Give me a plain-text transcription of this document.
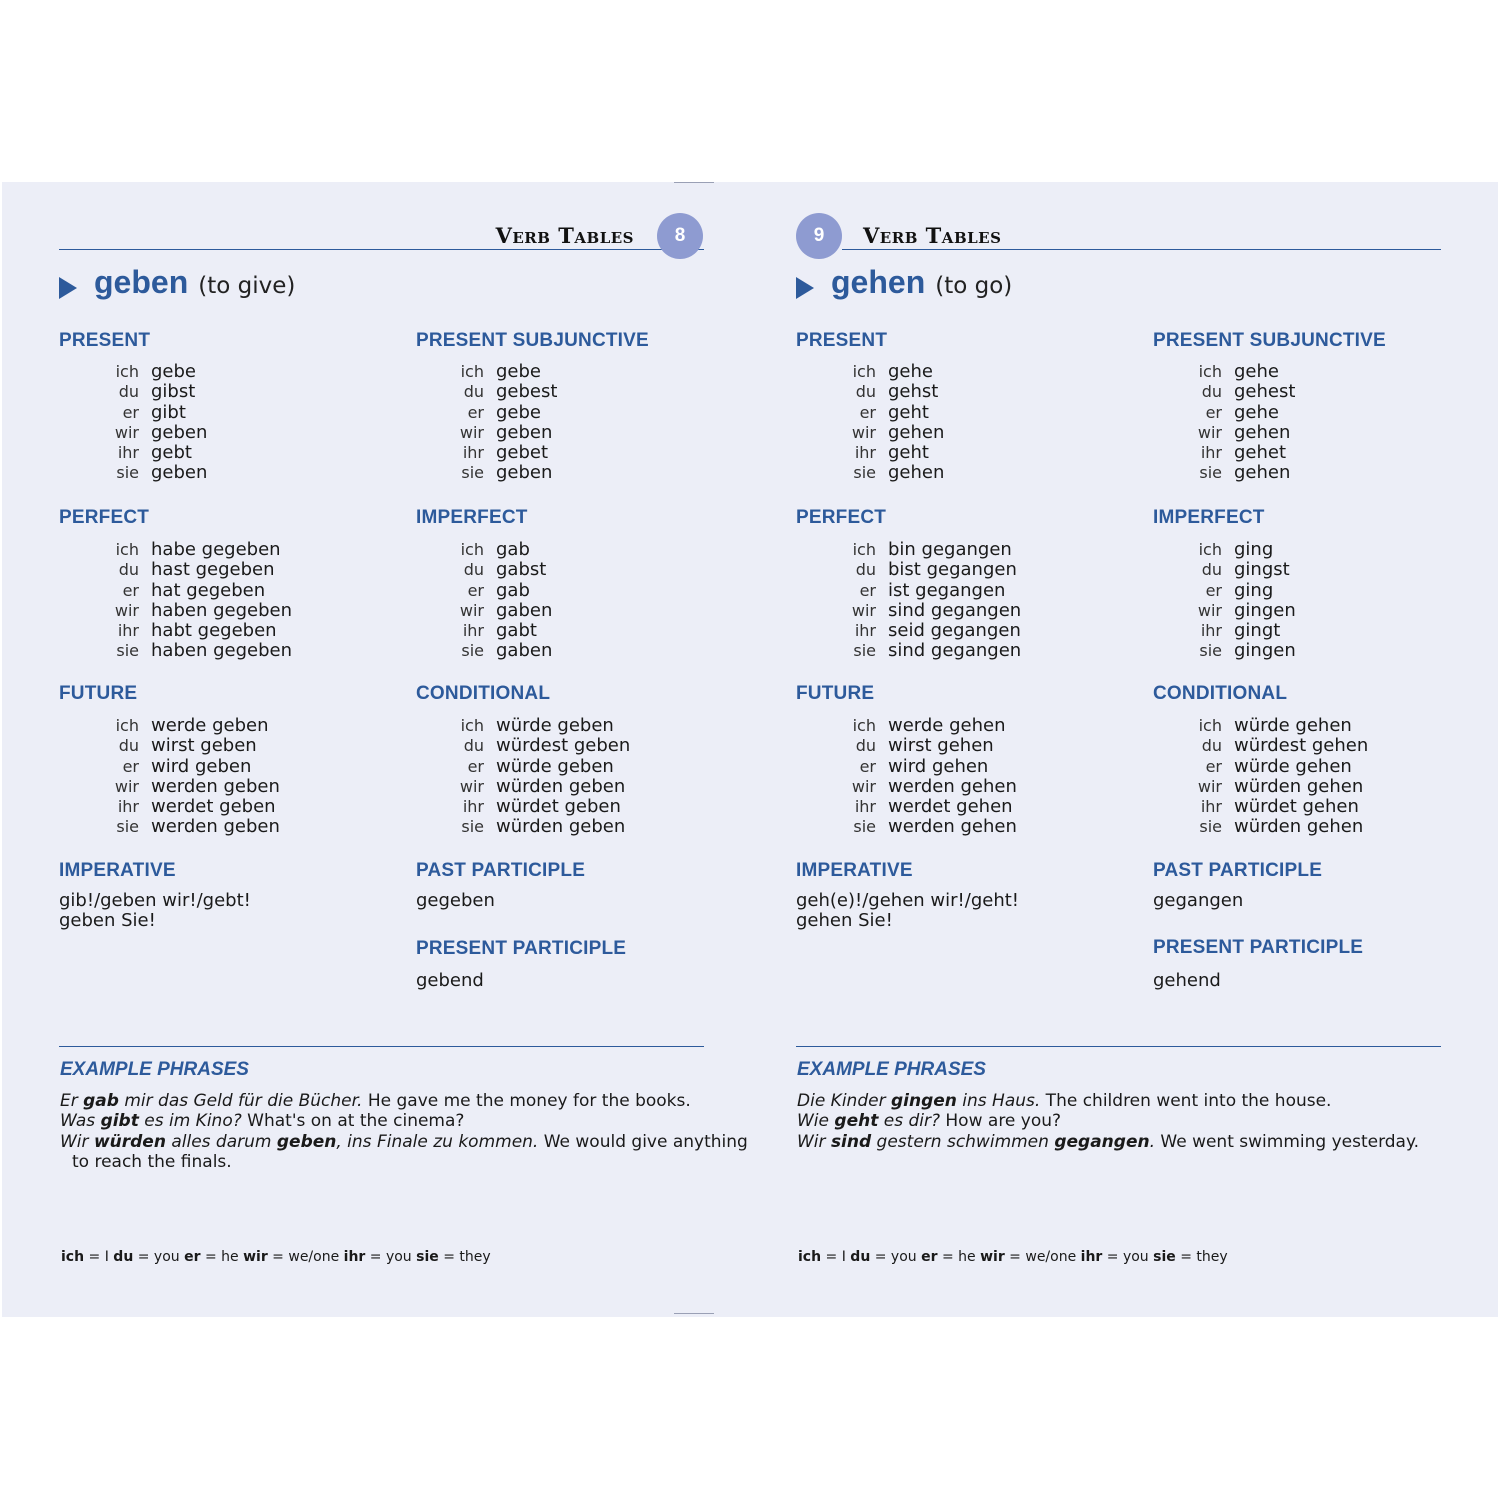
Verb Tables	8
geben (to give)
PRESENT
ich gebe
du gibst
er gibt
wir geben
ihr gebt
sie geben
PRESENT SUBJUNCTIVE
ich gebe
du gebest
er gebe
wir geben
ihr gebet
sie geben
PERFECT
ich habe gegeben
du hast gegeben
er hat gegeben
wir haben gegeben
ihr habt gegeben
sie haben gegeben
IMPERFECT
ich gab
du gabst
er gab
wir gaben
ihr gabt
sie gaben
FUTURE
ich werde geben
du wirst geben
er wird geben
wir werden geben
ihr werdet geben
sie werden geben
CONDITIONAL
ich würde geben
du würdest geben
er würde geben
wir würden geben
ihr würdet geben
sie würden geben
IMPERATIVE
gib!/geben wir!/gebt!
geben Sie!
PAST PARTICIPLE
gegeben
PRESENT PARTICIPLE
gebend
EXAMPLE PHRASES
Er gab mir das Geld für die Bücher. He gave me the money for the books.
Was gibt es im Kino? What's on at the cinema?
Wir würden alles darum geben, ins Finale zu kommen. We would give anything
to reach the finals.
ich = I du = you er = he wir = we/one ihr = you sie = they
9	Verb Tables
gehen (to go)
PRESENT
ich gehe
du gehst
er geht
wir gehen
ihr geht
sie gehen
PRESENT SUBJUNCTIVE
ich gehe
du gehest
er gehe
wir gehen
ihr gehet
sie gehen
PERFECT
ich bin gegangen
du bist gegangen
er ist gegangen
wir sind gegangen
ihr seid gegangen
sie sind gegangen
IMPERFECT
ich ging
du gingst
er ging
wir gingen
ihr gingt
sie gingen
FUTURE
ich werde gehen
du wirst gehen
er wird gehen
wir werden gehen
ihr werdet gehen
sie werden gehen
CONDITIONAL
ich würde gehen
du würdest gehen
er würde gehen
wir würden gehen
ihr würdet gehen
sie würden gehen
IMPERATIVE
geh(e)!/gehen wir!/geht!
gehen Sie!
PAST PARTICIPLE
gegangen
PRESENT PARTICIPLE
gehend
EXAMPLE PHRASES
Die Kinder gingen ins Haus. The children went into the house.
Wie geht es dir? How are you?
Wir sind gestern schwimmen gegangen. We went swimming yesterday.
ich = I du = you er = he wir = we/one ihr = you sie = they
